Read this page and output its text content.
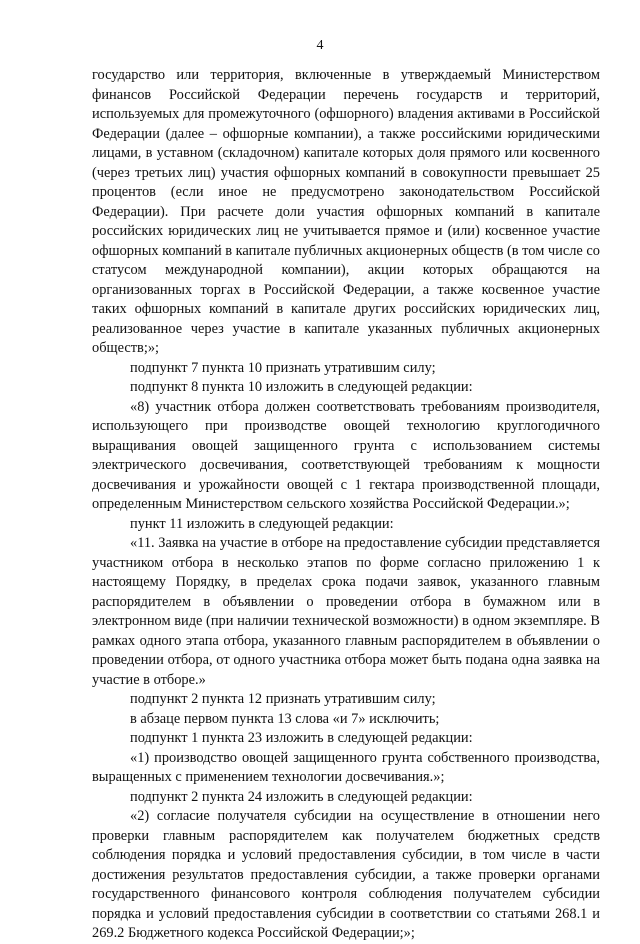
4

государство или территория, включенные в утверждаемый Министерством финансов Российской Федерации перечень государств и территорий, используемых для промежуточного (офшорного) владения активами в Российской Федерации (далее – офшорные компании), а также российскими юридическими лицами, в уставном (складочном) капитале которых доля прямого или косвенного (через третьих лиц) участия офшорных компаний в совокупности превышает 25 процентов (если иное не предусмотрено законодательством Российской Федерации). При расчете доли участия офшорных компаний в капитале российских юридических лиц не учитывается прямое и (или) косвенное участие офшорных компаний в капитале публичных акционерных обществ (в том числе со статусом международной компании), акции которых обращаются на организованных торгах в Российской Федерации, а также косвенное участие таких офшорных компаний в капитале других российских юридических лиц, реализованное через участие в капитале указанных публичных акционерных обществ;»;

подпункт 7 пункта 10 признать утратившим силу;

подпункт 8 пункта 10 изложить в следующей редакции:

«8) участник отбора должен соответствовать требованиям производителя, использующего при производстве овощей технологию круглогодичного выращивания овощей защищенного грунта с использованием системы электрического досвечивания, соответствующей требованиям к мощности досвечивания и урожайности овощей с 1 гектара производственной площади, определенным Министерством сельского хозяйства Российской Федерации.»;

пункт 11 изложить в следующей редакции:

«11. Заявка на участие в отборе на предоставление субсидии представляется участником отбора в несколько этапов по форме согласно приложению 1 к настоящему Порядку, в пределах срока подачи заявок, указанного главным распорядителем в объявлении о проведении отбора в бумажном или в электронном виде (при наличии технической возможности) в одном экземпляре. В рамках одного этапа отбора, указанного главным распорядителем в объявлении о проведении отбора, от одного участника отбора может быть подана одна заявка на участие в отборе.»

подпункт 2 пункта 12 признать утратившим силу;

в абзаце первом пункта 13 слова «и 7» исключить;

подпункт 1 пункта 23 изложить в следующей редакции:

«1) производство овощей защищенного грунта собственного производства, выращенных с применением технологии досвечивания.»;

подпункт 2 пункта 24 изложить в следующей редакции:

«2) согласие получателя субсидии на осуществление в отношении него проверки главным распорядителем как получателем бюджетных средств соблюдения порядка и условий предоставления субсидии, в том числе в части достижения результатов предоставления субсидии, а также проверки органами государственного финансового контроля соблюдения получателем субсидии порядка и условий предоставления субсидии в соответствии со статьями 268.1 и 269.2 Бюджетного кодекса Российской Федерации;»;
